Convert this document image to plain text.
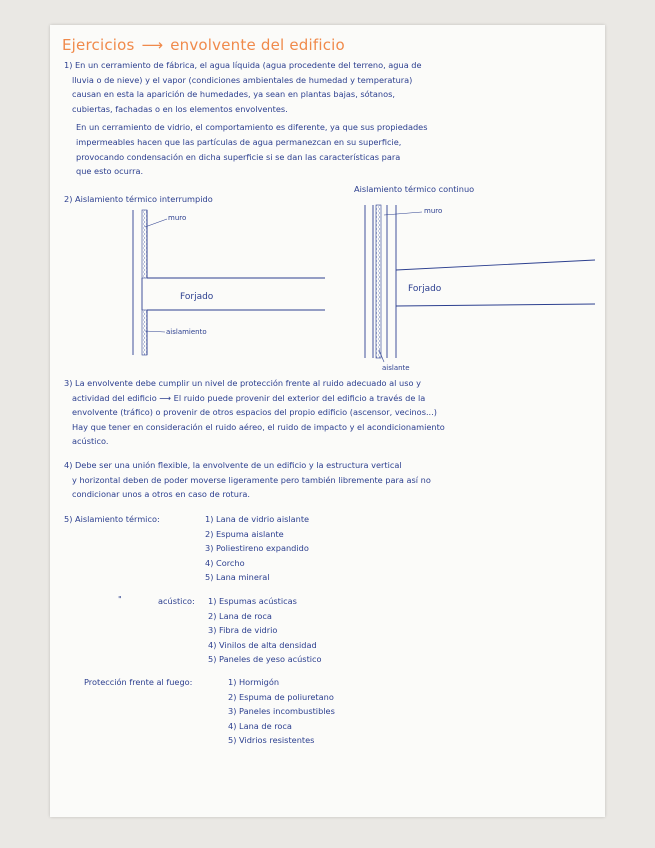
Ejercicios ⟶ envolvente del edificio
1) En un cerramiento de fábrica, el agua líquida (agua procedente del terreno, agua de
lluvia o de nieve) y el vapor (condiciones ambientales de humedad y temperatura)
causan en esta la aparición de humedades, ya sean en plantas bajas, sótanos,
cubiertas, fachadas o en los elementos envolventes.
En un cerramiento de vidrio, el comportamiento es diferente, ya que sus propiedades
impermeables hacen que las partículas de agua permanezcan en su superficie,
provocando condensación en dicha superficie si se dan las características para
que esto ocurra.
2) Aislamiento térmico interrumpido
Aislamiento térmico continuo
muro
Forjado
aislamiento
muro
Forjado
aislante
3) La envolvente debe cumplir un nivel de protección frente al ruido adecuado al uso y
actividad del edificio ⟶ El ruido puede provenir del exterior del edificio a través de la
envolvente (tráfico) o provenir de otros espacios del propio edificio (ascensor, vecinos...)
Hay que tener en consideración el ruido aéreo, el ruido de impacto y el acondicionamiento
acústico.
4) Debe ser una unión flexible, la envolvente de un edificio y la estructura vertical
y horizontal deben de poder moverse ligeramente pero también libremente para así no
condicionar unos a otros en caso de rotura.
5) Aislamiento térmico:	1) Lana de vidrio aislante
2) Espuma aislante
3) Poliestireno expandido
4) Corcho
5) Lana mineral
"	acústico: 1) Espumas acústicas
2) Lana de roca
3) Fibra de vidrio
4) Vinilos de alta densidad
5) Paneles de yeso acústico
Protección frente al fuego:	1) Hormigón
2) Espuma de poliuretano
3) Paneles incombustibles
4) Lana de roca
5) Vidrios resistentes
